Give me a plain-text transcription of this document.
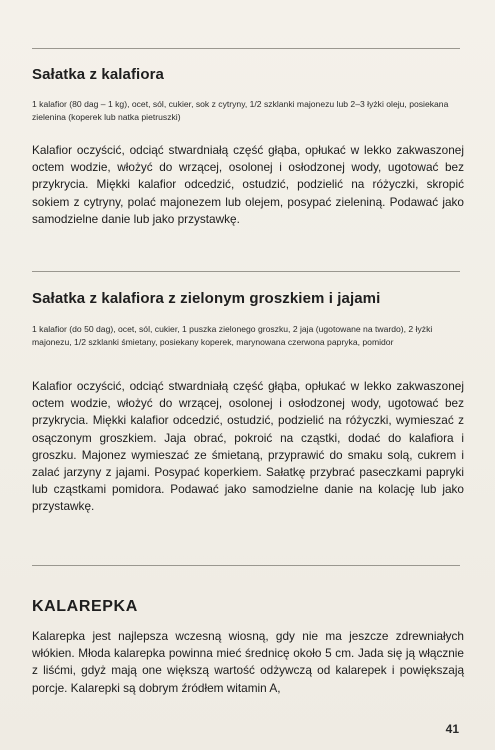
Sałatka z kalafiora

1 kalafior (80 dag – 1 kg), ocet, sól, cukier, sok z cytryny, 1/2 szklanki majonezu lub 2–3 łyżki oleju, posiekana zielenina (koperek lub natka pietruszki)

Kalafior oczyścić, odciąć stwardniałą część głąba, opłukać w lekko zakwaszonej octem wodzie, włożyć do wrzącej, osolonej i osłodzonej wody, ugotować bez przykrycia. Miękki kalafior odcedzić, ostudzić, podzielić na różyczki, skropić sokiem z cytryny, polać majonezem lub olejem, posypać zieleniną. Podawać jako samodzielne danie lub jako przystawkę.

Sałatka z kalafiora z zielonym groszkiem i jajami

1 kalafior (do 50 dag), ocet, sól, cukier, 1 puszka zielonego groszku, 2 jaja (ugotowane na twardo), 2 łyżki majonezu, 1/2 szklanki śmietany, posiekany koperek, marynowana czerwona papryka, pomidor

Kalafior oczyścić, odciąć stwardniałą część głąba, opłukać w lekko zakwaszonej octem wodzie, włożyć do wrzącej, osolonej i osłodzonej wody, ugotować bez przykrycia. Miękki kalafior odcedzić, ostudzić, podzielić na różyczki, wymieszać z osączonym groszkiem. Jaja obrać, pokroić na cząstki, dodać do kalafiora i groszku. Majonez wymieszać ze śmietaną, przyprawić do smaku solą, cukrem i zalać jarzyny z jajami. Posypać koperkiem. Sałatkę przybrać paseczkami papryki lub cząstkami pomidora. Podawać jako samodzielne danie na kolację lub jako przystawkę.

KALAREPKA

Kalarepka jest najlepsza wczesną wiosną, gdy nie ma jeszcze zdrewniałych włókien. Młoda kalarepka powinna mieć średnicę około 5 cm. Jada się ją włącznie z liśćmi, gdyż mają one większą wartość odżywczą od kalarepek i powiększają porcje. Kalarepki są dobrym źródłem witamin A,

41
